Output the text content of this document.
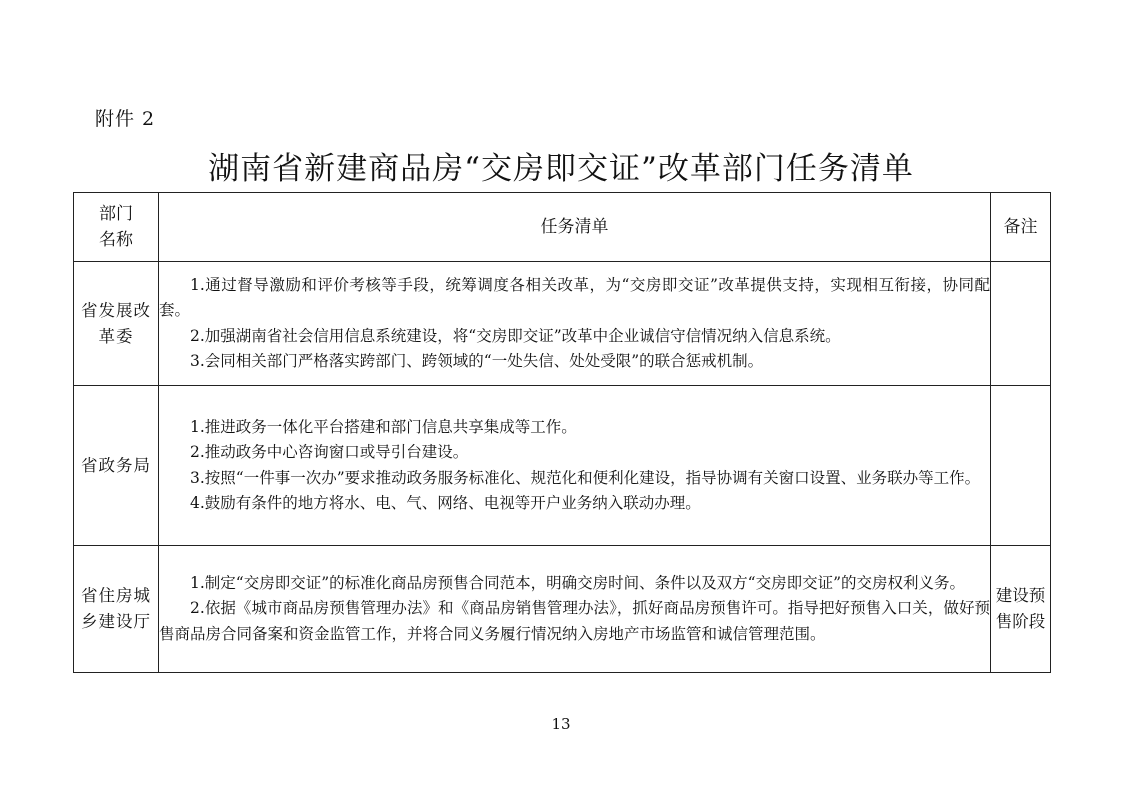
附件 2
湖南省新建商品房“交房即交证”改革部门任务清单
部门
名称	任务清单	备注
省发展改革委	1.通过督导激励和评价考核等手段，统筹调度各相关改革，为“交房即交证”改革提供支持，实现相互衔接，协同配套。

2.加强湖南省社会信用信息系统建设，将“交房即交证”改革中企业诚信守信情况纳入信息系统。

3.会同相关部门严格落实跨部门、跨领域的“一处失信、处处受限”的联合惩戒机制。	

省政务局	1.推进政务一体化平台搭建和部门信息共享集成等工作。

2.推动政务中心咨询窗口或导引台建设。

3.按照“一件事一次办”要求推动政务服务标准化、规范化和便利化建设，指导协调有关窗口设置、业务联办等工作。

4.鼓励有条件的地方将水、电、气、网络、电视等开户业务纳入联动办理。	

省住房城乡建设厅	1.制定“交房即交证”的标准化商品房预售合同范本，明确交房时间、条件以及双方“交房即交证”的交房权利义务。

2.依据《城市商品房预售管理办法》和《商品房销售管理办法》，抓好商品房预售许可。指导把好预售入口关，做好预售商品房合同备案和资金监管工作，并将合同义务履行情况纳入房地产市场监管和诚信管理范围。	建设预售阶段
13
